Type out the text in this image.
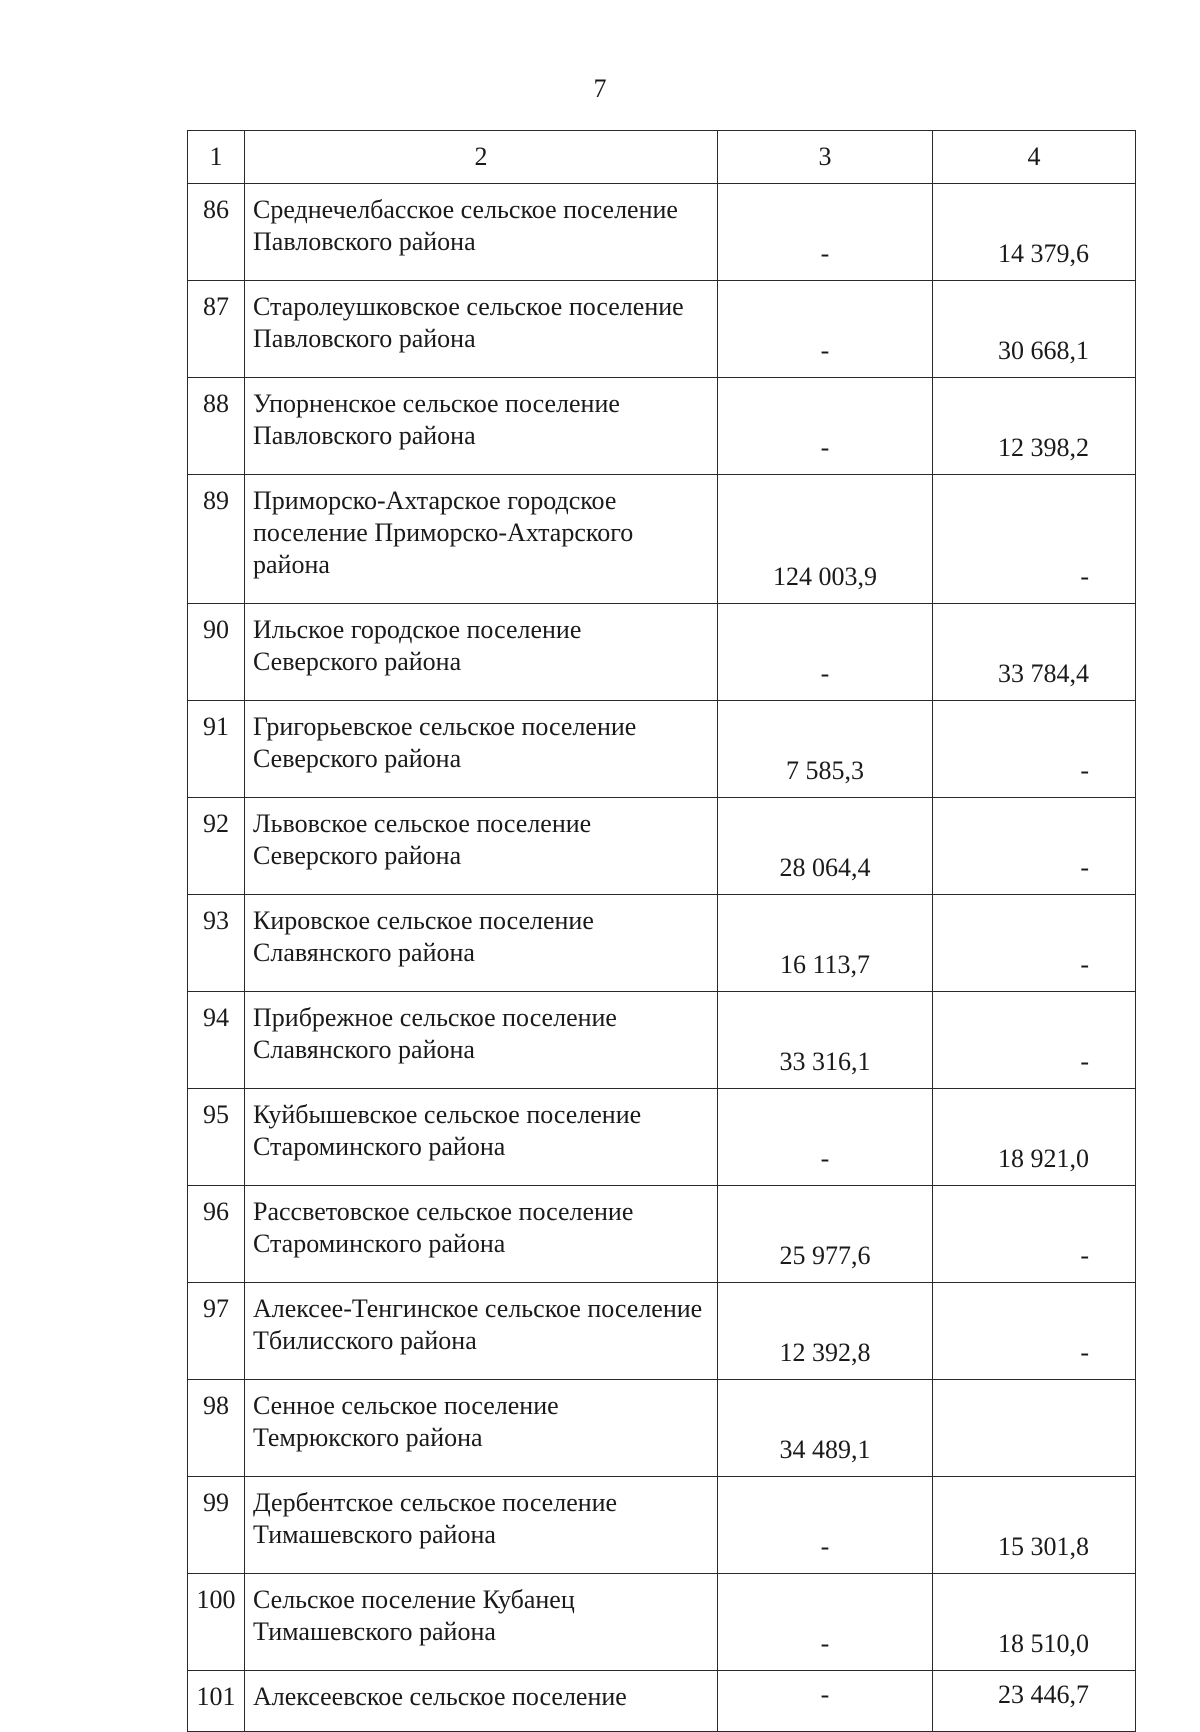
7
1	2	3	4
86	Среднечелбасское сельское поселение Павловского района	-	14 379,6
87	Старолеушковское сельское поселение Павловского района	-	30 668,1
88	Упорненское сельское поселение Павловского района	-	12 398,2
89	Приморско-Ахтарское городское поселение Приморско-Ахтарского района	124 003,9	-
90	Ильское городское поселение Северского района	-	33 784,4
91	Григорьевское сельское поселение Северского района	7 585,3	-
92	Львовское сельское поселение Северского района	28 064,4	-
93	Кировское сельское поселение Славянского района	16 113,7	-
94	Прибрежное сельское поселение Славянского района	33 316,1	-
95	Куйбышевское сельское поселение Староминского района	-	18 921,0
96	Рассветовское сельское поселение Староминского района	25 977,6	-
97	Алексее-Тенгинское сельское поселение Тбилисского района	12 392,8	-
98	Сенное сельское поселение Темрюкского района	34 489,1	
99	Дербентское сельское поселение Тимашевского района	-	15 301,8
100	Сельское поселение Кубанец Тимашевского района	-	18 510,0
101	Алексеевское сельское поселение	-	23 446,7
